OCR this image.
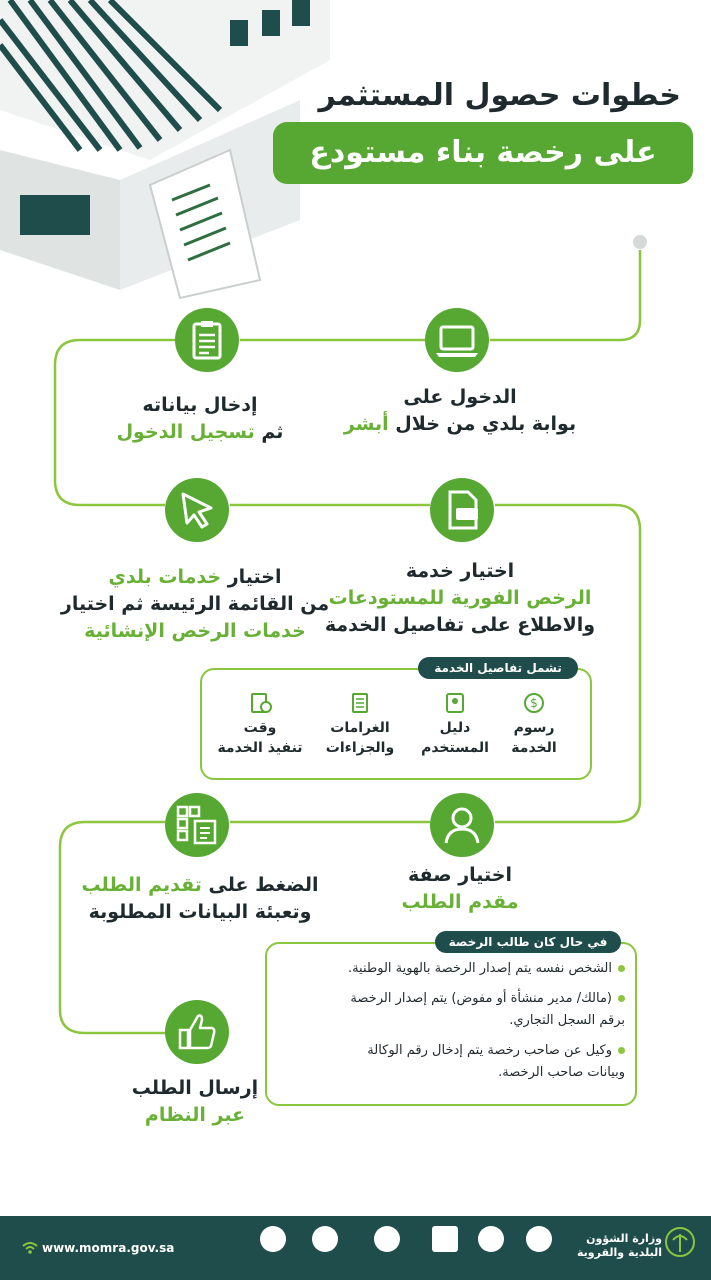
خطوات حصول المستثمر
على رخصة بناء مستودع
الدخول على
بوابة بلدي من خلال أبشر
إدخال بياناته
ثم تسجيل الدخول
اختيار خدمة
الرخص الفورية للمستودعات
والاطلاع على تفاصيل الخدمة
اختيار خدمات بلدي
من القائمة الرئيسة ثم اختيار
خدمات الرخص الإنشائية
تشمل تفاصيل الخدمة
$
رسوم
الخدمة
دليل
المستخدم
الغرامات
والجزاءات
وقت
تنفيذ الخدمة
اختيار صفة
مقدم الطلب
الضغط على تقديم الطلب
وتعبئة البيانات المطلوبة
في حال كان طالب الرخصة
الشخص نفسه يتم إصدار الرخصة بالهوية الوطنية.
(مالك/ مدير منشأة أو مفوض) يتم إصدار الرخصة
برقم السجل التجاري.
وكيل عن صاحب رخصة يتم إدخال رقم الوكالة
وبيانات صاحب الرخصة.
إرسال الطلب
عبر النظام
www.momra.gov.sa
وزارة الشؤون
البلدية والقروية
